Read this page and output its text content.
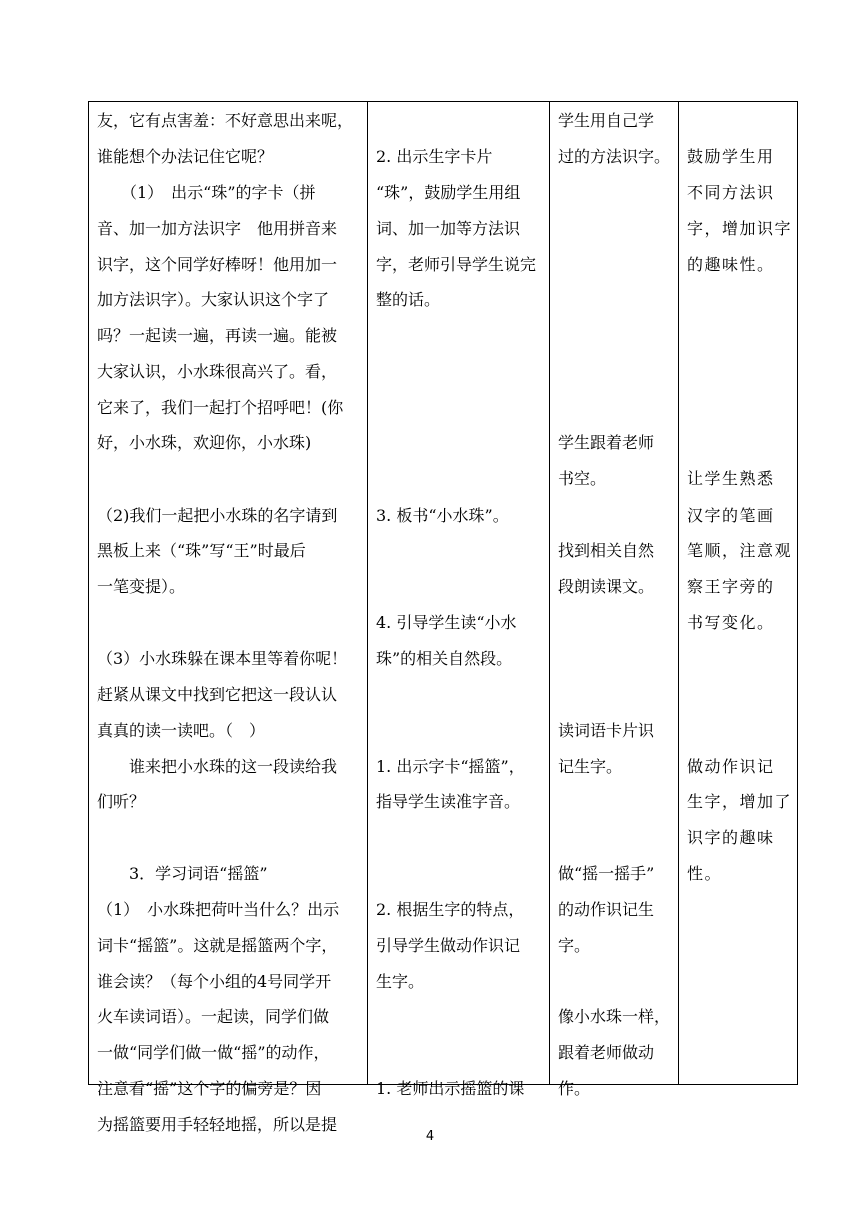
友，它有点害羞：不好意思出来呢，
谁能想个办法记住它呢？
　　（1）　出示“珠”的字卡（拼
音、加一加方法识字　他用拼音来
识字，这个同学好棒呀！他用加一
加方法识字）。大家认识这个字了
吗？一起读一遍，再读一遍。能被
大家认识，小水珠很高兴了。看，
它来了，我们一起打个招呼吧！(你
好，小水珠，欢迎你，小水珠)
（2)我们一起把小水珠的名字请到
黑板上来（“珠”写“王”时最后
一笔变提）。
（3）小水珠躲在课本里等着你呢！
赶紧从课文中找到它把这一段认认
真真的读一读吧。（　）
　　谁来把小水珠的这一段读给我
们听？
　　3．学习词语“摇篮”
（1）　小水珠把荷叶当什么？出示
词卡“摇篮”。这就是摇篮两个字，
谁会读？（每个小组的4号同学开
火车读词语）。一起读，同学们做
一做“同学们做一做“摇”的动作，
注意看“摇”这个字的偏旁是？因
为摇篮要用手轻轻地摇，所以是提
2. 出示生字卡片
“珠”，鼓励学生用组
词、加一加等方法识
字，老师引导学生说完
整的话。
3. 板书“小水珠”。
4. 引导学生读“小水
珠”的相关自然段。
1. 出示字卡“摇篮”，
指导学生读准字音。
2. 根据生字的特点，
引导学生做动作识记
生字。
1. 老师出示摇篮的课
学生用自己学
过的方法识字。
学生跟着老师
书空。
找到相关自然
段朗读课文。
读词语卡片识
记生字。
做“摇一摇手”
的动作识记生
字。
像小水珠一样，
跟着老师做动
作。
鼓励学生用
不同方法识
字，增加识字
的趣味性。
让学生熟悉
汉字的笔画
笔顺，注意观
察王字旁的
书写变化。
做动作识记
生字，增加了
识字的趣味
性。
4
